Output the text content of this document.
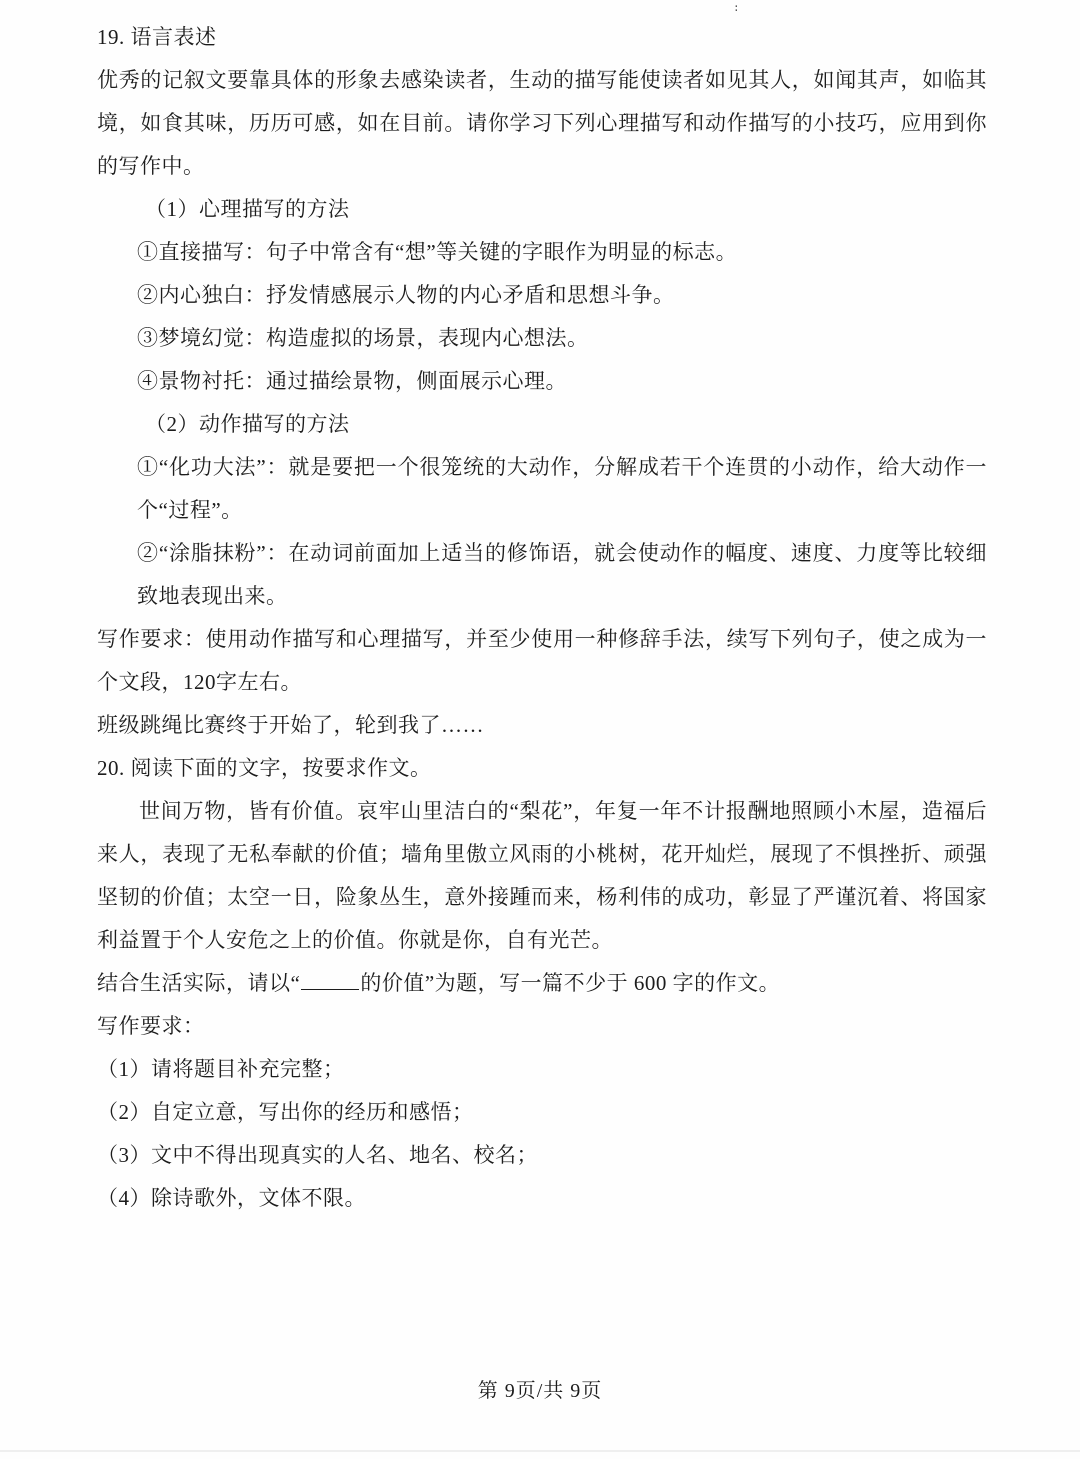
:

19. 语言表述

优秀的记叙文要靠具体的形象去感染读者，生动的描写能使读者如见其人，如闻其声，如临其境，如食其味，历历可感，如在目前。请你学习下列心理描写和动作描写的小技巧，应用到你的写作中。

（1）心理描写的方法

①直接描写：句子中常含有“想”等关键的字眼作为明显的标志。

②内心独白：抒发情感展示人物的内心矛盾和思想斗争。

③梦境幻觉：构造虚拟的场景，表现内心想法。

④景物衬托：通过描绘景物，侧面展示心理。

（2）动作描写的方法

①“化功大法”：就是要把一个很笼统的大动作，分解成若干个连贯的小动作，给大动作一个“过程”。

②“涂脂抹粉”：在动词前面加上适当的修饰语，就会使动作的幅度、速度、力度等比较细致地表现出来。

写作要求：使用动作描写和心理描写，并至少使用一种修辞手法，续写下列句子，使之成为一个文段，120字左右。

班级跳绳比赛终于开始了，轮到我了……

20. 阅读下面的文字，按要求作文。

世间万物，皆有价值。哀牢山里洁白的“梨花”，年复一年不计报酬地照顾小木屋，造福后来人，表现了无私奉献的价值；墙角里傲立风雨的小桃树，花开灿烂，展现了不惧挫折、顽强坚韧的价值；太空一日，险象丛生，意外接踵而来，杨利伟的成功，彰显了严谨沉着、将国家利益置于个人安危之上的价值。你就是你，自有光芒。

结合生活实际，请以“	的价值”为题，写一篇不少于 600 字的作文。

写作要求：

（1）请将题目补充完整；

（2）自定立意，写出你的经历和感悟；

（3）文中不得出现真实的人名、地名、校名；

（4）除诗歌外，文体不限。

第 9页/共 9页
